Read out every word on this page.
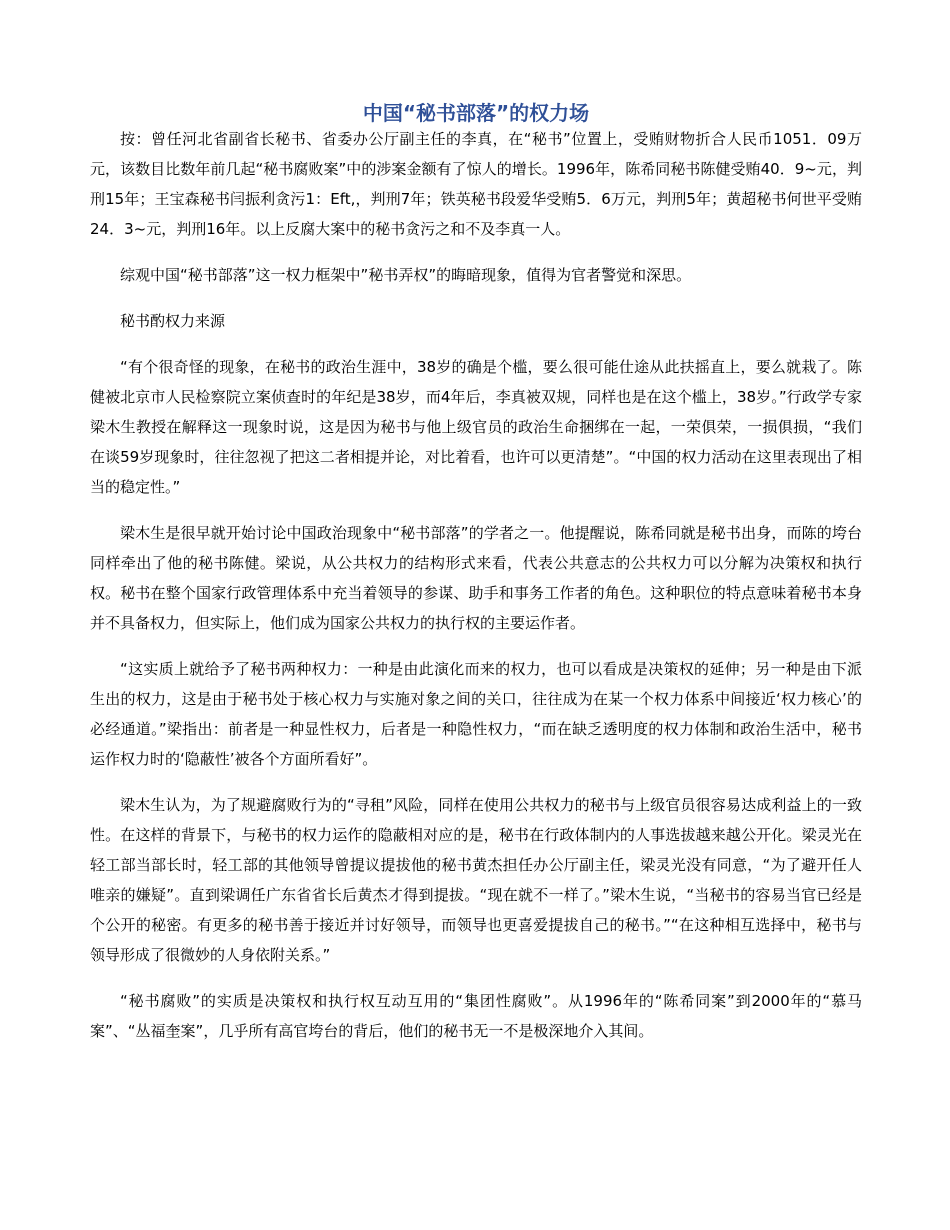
中国“秘书部落”的权力场

按：曾任河北省副省长秘书、省委办公厅副主任的李真，在“秘书”位置上，受贿财物折合人民币1051．09万元，该数目比数年前几起“秘书腐败案”中的涉案金额有了惊人的增长。1996年，陈希同秘书陈健受贿40．9~元，判刑15年；王宝森秘书闫振利贪污1：Eft,，判刑7年；铁英秘书段爱华受贿5．6万元，判刑5年；黄超秘书何世平受贿24．3~元，判刑16年。以上反腐大案中的秘书贪污之和不及李真一人。

综观中国“秘书部落”这一权力框架中”秘书弄权”的晦暗现象，值得为官者警觉和深思。

秘书酌权力来源

“有个很奇怪的现象，在秘书的政治生涯中，38岁的确是个槛，要么很可能仕途从此扶摇直上，要么就栽了。陈健被北京市人民检察院立案侦查时的年纪是38岁，而4年后，李真被双规，同样也是在这个槛上，38岁。”行政学专家梁木生教授在解释这一现象时说，这是因为秘书与他上级官员的政治生命捆绑在一起，一荣俱荣，一损俱损，“我们在谈59岁现象时，往往忽视了把这二者相提并论，对比着看，也许可以更清楚”。“中国的权力活动在这里表现出了相当的稳定性。”

梁木生是很早就开始讨论中国政治现象中“秘书部落”的学者之一。他提醒说，陈希同就是秘书出身，而陈的垮台同样牵出了他的秘书陈健。梁说，从公共权力的结构形式来看，代表公共意志的公共权力可以分解为决策权和执行权。秘书在整个国家行政管理体系中充当着领导的参谋、助手和事务工作者的角色。这种职位的特点意味着秘书本身并不具备权力，但实际上，他们成为国家公共权力的执行权的主要运作者。

“这实质上就给予了秘书两种权力：一种是由此演化而来的权力，也可以看成是决策权的延伸；另一种是由下派生出的权力，这是由于秘书处于核心权力与实施对象之间的关口，往往成为在某一个权力体系中间接近‘权力核心’的必经通道。”梁指出：前者是一种显性权力，后者是一种隐性权力，“而在缺乏透明度的权力体制和政治生活中，秘书运作权力时的‘隐蔽性’被各个方面所看好”。

梁木生认为，为了规避腐败行为的“寻租”风险，同样在使用公共权力的秘书与上级官员很容易达成利益上的一致性。在这样的背景下，与秘书的权力运作的隐蔽相对应的是，秘书在行政体制内的人事选拔越来越公开化。梁灵光在轻工部当部长时，轻工部的其他领导曾提议提拔他的秘书黄杰担任办公厅副主任，梁灵光没有同意，“为了避开任人唯亲的嫌疑”。直到梁调任广东省省长后黄杰才得到提拔。“现在就不一样了。”梁木生说，“当秘书的容易当官已经是个公开的秘密。有更多的秘书善于接近并讨好领导，而领导也更喜爱提拔自己的秘书。”“在这种相互选择中，秘书与领导形成了很微妙的人身依附关系。”

“秘书腐败”的实质是决策权和执行权互动互用的“集团性腐败”。从1996年的“陈希同案”到2000年的“慕马案”、“丛福奎案”，几乎所有高官垮台的背后，他们的秘书无一不是极深地介入其间。
